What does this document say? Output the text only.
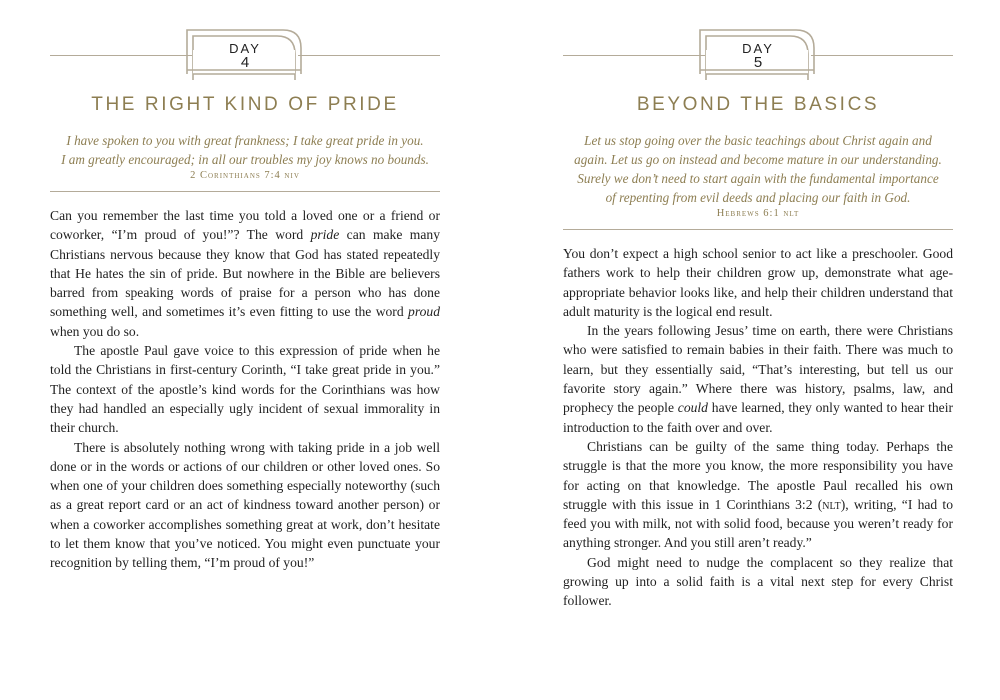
DAY
4
THE RIGHT KIND OF PRIDE
I have spoken to you with great frankness; I take great pride in you.
I am greatly encouraged; in all our troubles my joy knows no bounds.
2 Corinthians 7:4 niv

Can you remember the last time you told a loved one or a friend or coworker, “I’m proud of you!”? The word pride can make many Christians nervous because they know that God has stated repeatedly that He hates the sin of pride. But nowhere in the Bible are believers barred from speaking words of praise for a person who has done something well, and sometimes it’s even fitting to use the word proud when you do so.

The apostle Paul gave voice to this expression of pride when he told the Christians in first-century Corinth, “I take great pride in you.” The context of the apostle’s kind words for the Corinthians was how they had handled an especially ugly incident of sexual immorality in their church.

There is absolutely nothing wrong with taking pride in a job well done or in the words or actions of our children or other loved ones. So when one of your children does something especially noteworthy (such as a great report card or an act of kindness toward another person) or when a coworker accomplishes something great at work, don’t hesitate to let them know that you’ve noticed. You might even punctuate your recognition by telling them, “I’m proud of you!”

DAY
5
BEYOND THE BASICS
Let us stop going over the basic teachings about Christ again and
again. Let us go on instead and become mature in our understanding.
Surely we don’t need to start again with the fundamental importance
of repenting from evil deeds and placing our faith in God.
Hebrews 6:1 nlt

You don’t expect a high school senior to act like a preschooler. Good fathers work to help their children grow up, demonstrate what age-appropriate behavior looks like, and help their children understand that adult maturity is the logical end result.

In the years following Jesus’ time on earth, there were Christians who were satisfied to remain babies in their faith. There was much to learn, but they essentially said, “That’s interesting, but tell us our favorite story again.” Where there was history, psalms, law, and prophecy the people could have learned, they only wanted to hear their introduction to the faith over and over.

Christians can be guilty of the same thing today. Perhaps the struggle is that the more you know, the more responsibility you have for acting on that knowledge. The apostle Paul recalled his own struggle with this issue in 1 Corinthians 3:2 (nlt), writing, “I had to feed you with milk, not with solid food, because you weren’t ready for anything stronger. And you still aren’t ready.”

God might need to nudge the complacent so they realize that growing up into a solid faith is a vital next step for every Christ follower.
